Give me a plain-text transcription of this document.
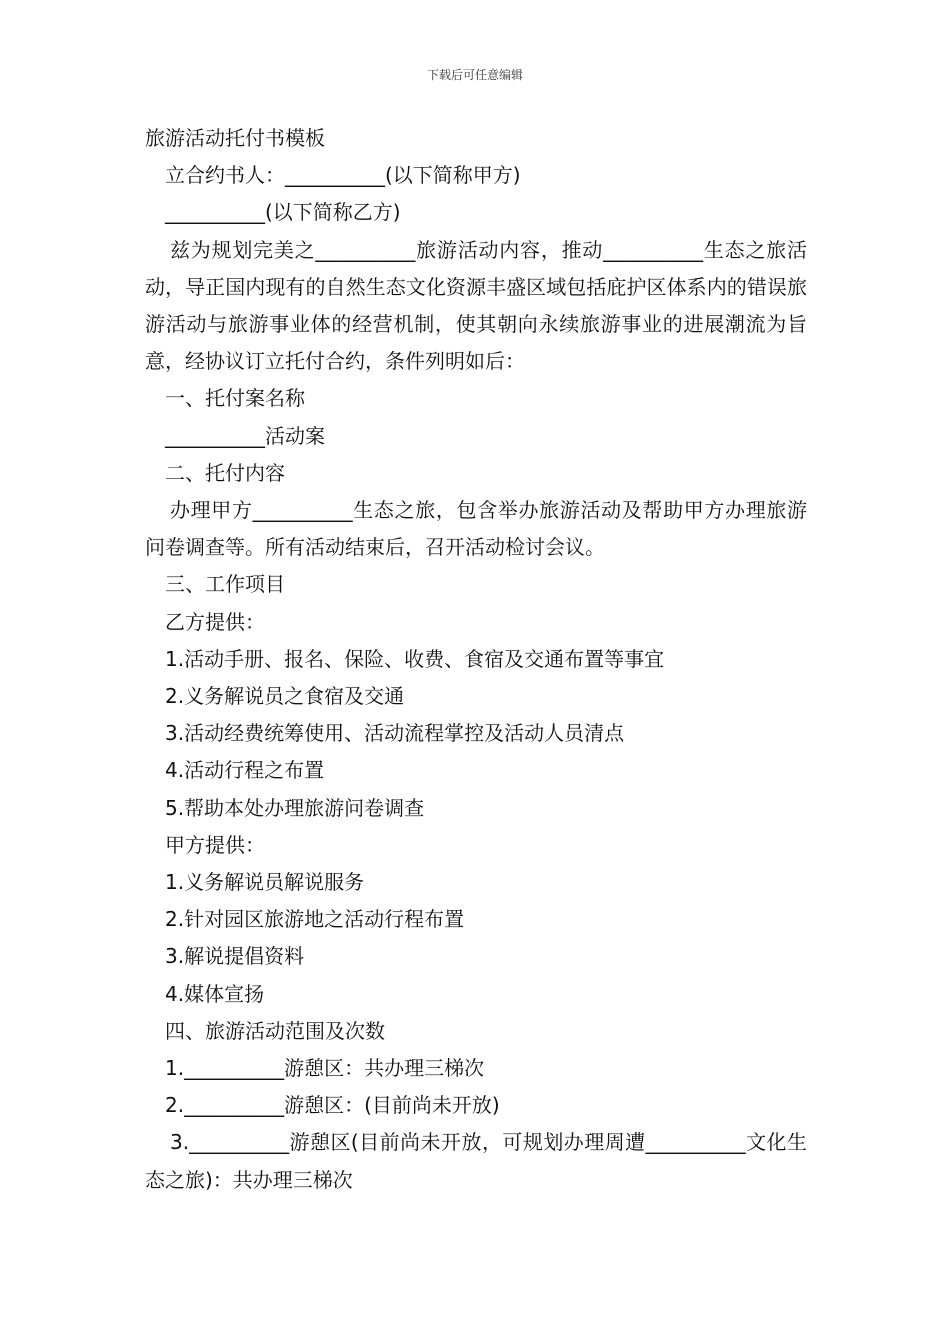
下载后可任意编辑

旅游活动托付书模板

立合约书人：__________(以下简称甲方)

__________(以下简称乙方)

兹为规划完美之__________旅游活动内容，推动__________生态之旅活动，导正国内现有的自然生态文化资源丰盛区域包括庇护区体系内的错误旅游活动与旅游事业体的经营机制，使其朝向永续旅游事业的进展潮流为旨意，经协议订立托付合约，条件列明如后：

一、托付案名称

__________活动案

二、托付内容

办理甲方__________生态之旅，包含举办旅游活动及帮助甲方办理旅游问卷调查等。所有活动结束后，召开活动检讨会议。

三、工作项目

乙方提供：

1.活动手册、报名、保险、收费、食宿及交通布置等事宜

2.义务解说员之食宿及交通

3.活动经费统筹使用、活动流程掌控及活动人员清点

4.活动行程之布置

5.帮助本处办理旅游问卷调查

甲方提供：

1.义务解说员解说服务

2.针对园区旅游地之活动行程布置

3.解说提倡资料

4.媒体宣扬

四、旅游活动范围及次数

1.__________游憩区：共办理三梯次

2.__________游憩区：(目前尚未开放)

3.__________游憩区(目前尚未开放，可规划办理周遭__________文化生态之旅)：共办理三梯次
